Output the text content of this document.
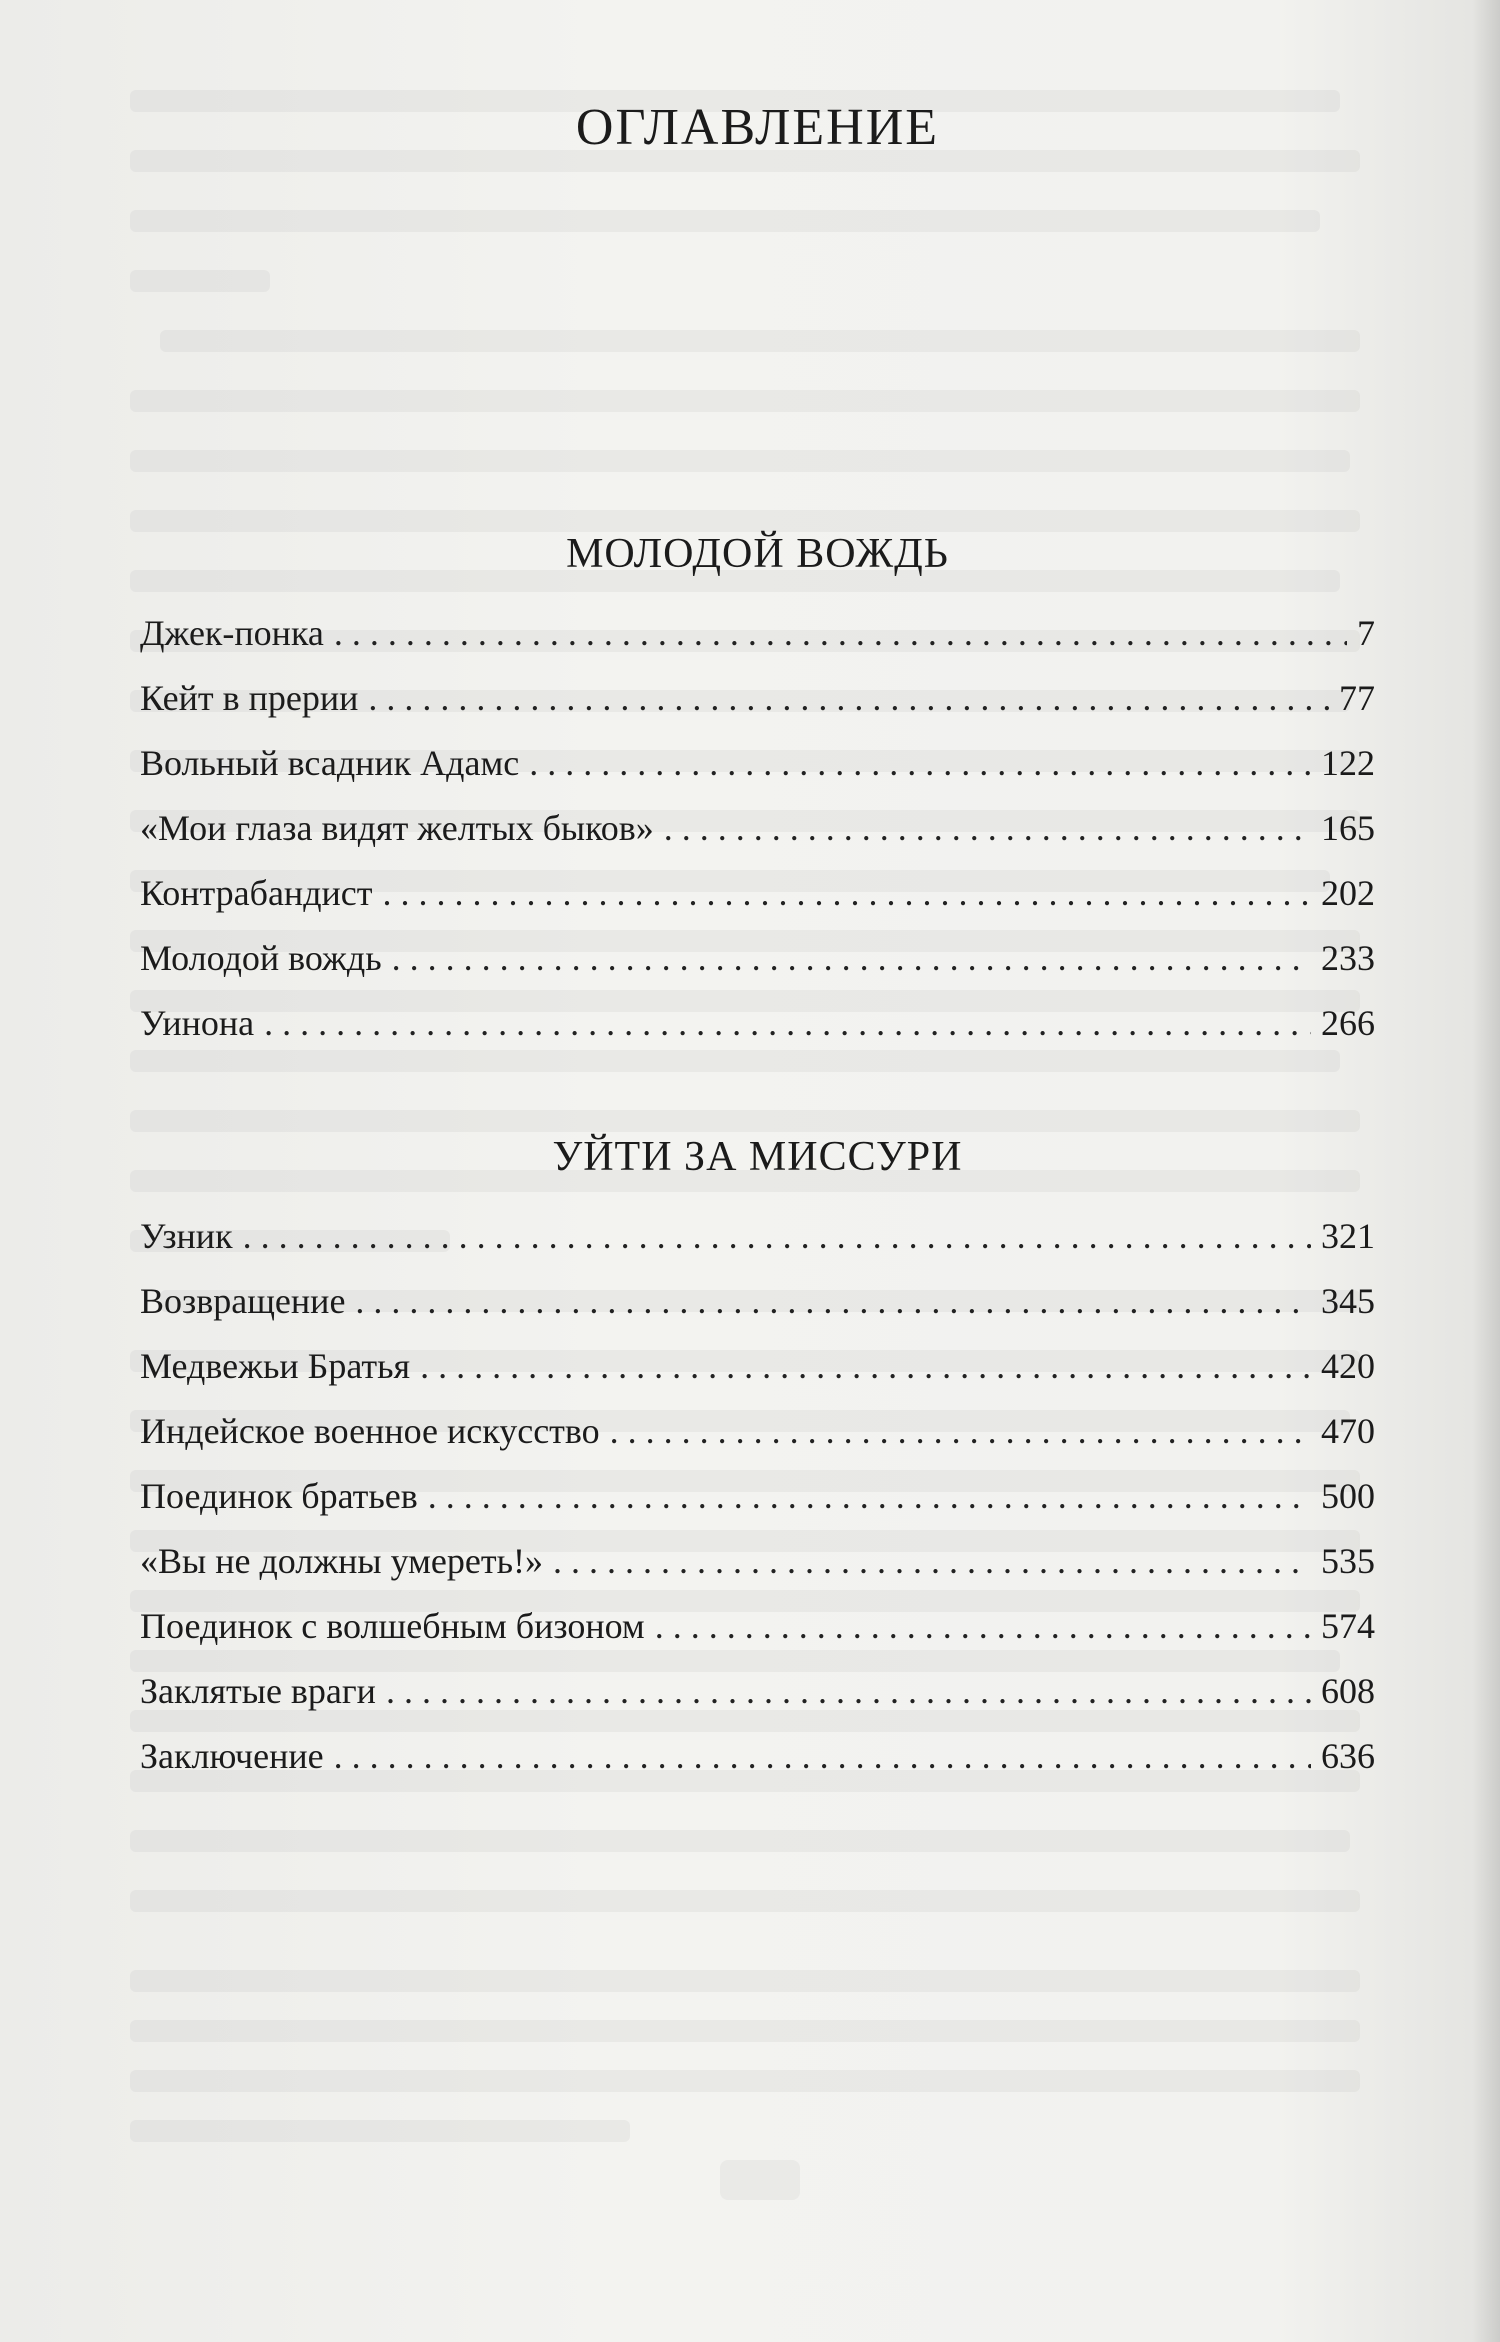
ОГЛАВЛЕНИЕ
МОЛОДОЙ ВОЖДЬ
Джек-понка . . .	7
Кейт в прерии . . .	77
Вольный всадник Адамс . . .	122
«Мои глаза видят желтых быков» . . .	165
Контрабандист . . .	202
Молодой вождь . . .	233
Уинона . . .	266
УЙТИ ЗА МИССУРИ
Узник . . .	321
Возвращение . . .	345
Медвежьи Братья . . .	420
Индейское военное искусство . . .	470
Поединок братьев . . .	500
«Вы не должны умереть!» . . .	535
Поединок с волшебным бизоном . . .	574
Заклятые враги . . .	608
Заключение . . .	636
